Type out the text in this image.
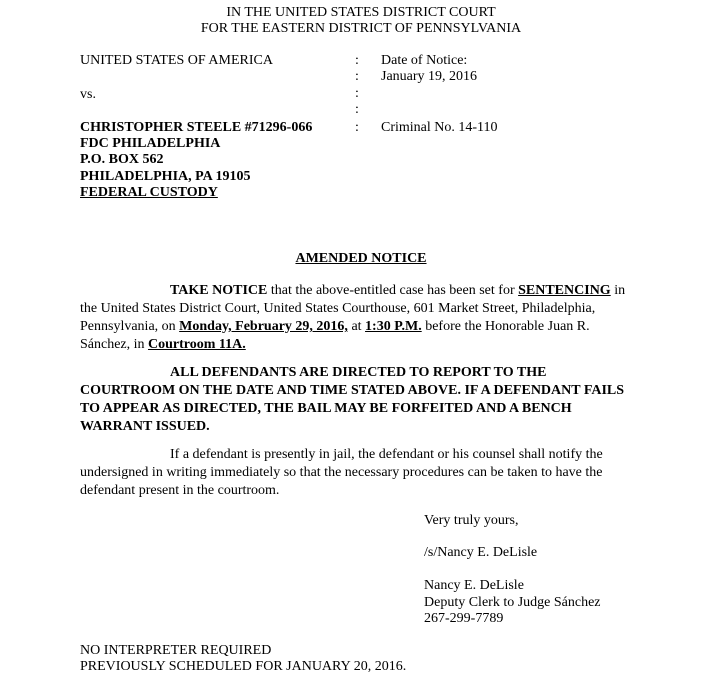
IN THE UNITED STATES DISTRICT COURT
FOR THE EASTERN DISTRICT OF PENNSYLVANIA
UNITED STATES OF AMERICA
vs.
:
:
:
:
:
Date of Notice:
January 19, 2016
Criminal No. 14-110
CHRISTOPHER STEELE #71296-066
FDC PHILADELPHIA
P.O. BOX 562
PHILADELPHIA, PA 19105
FEDERAL CUSTODY
AMENDED NOTICE
TAKE NOTICE that the above-entitled case has been set for SENTENCING in the United States District Court, United States Courthouse, 601 Market Street, Philadelphia, Pennsylvania, on Monday, February 29, 2016, at 1:30 P.M. before the Honorable Juan R. Sánchez, in Courtroom 11A.
ALL DEFENDANTS ARE DIRECTED TO REPORT TO THE COURTROOM ON THE DATE AND TIME STATED ABOVE. IF A DEFENDANT FAILS TO APPEAR AS DIRECTED, THE BAIL MAY BE FORFEITED AND A BENCH WARRANT ISSUED.
If a defendant is presently in jail, the defendant or his counsel shall notify the undersigned in writing immediately so that the necessary procedures can be taken to have the defendant present in the courtroom.
Very truly yours,
/s/Nancy E. DeLisle
Nancy E. DeLisle
Deputy Clerk to Judge Sánchez
267-299-7789
NO INTERPRETER REQUIRED
PREVIOUSLY SCHEDULED FOR JANUARY 20, 2016.
